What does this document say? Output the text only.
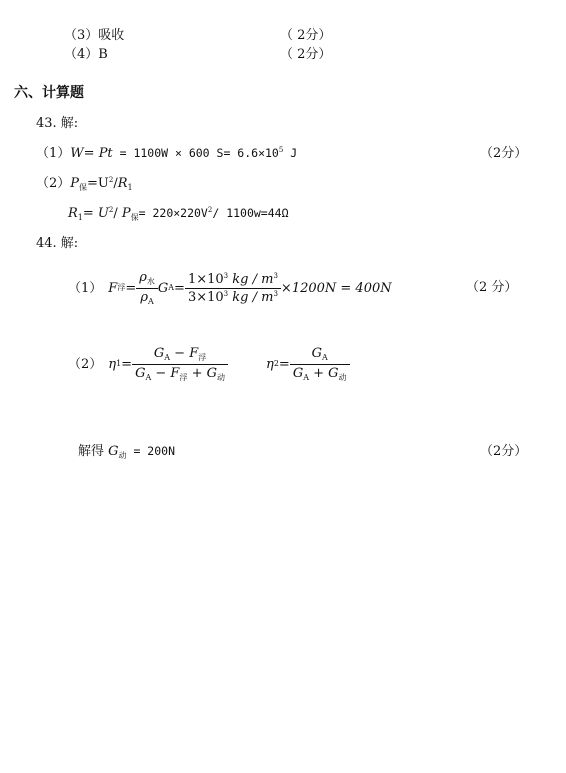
（3）吸收	（ 2分）
（4）B	（ 2分）
六、计算题
43. 解:
（1）W= Pt = 1100W × 600 $S= 6.6\times 10^5$ J	（2分）
$(2)P_保=U^2/R_1$
$R_1= U^2/$ $P_保= 220\times 220V^2/$ 1100w=44Ω
44. 解:
（1） F 浮 = $\frac{\rho_水}{\rho_A}$ G $A = \frac{1\times 10^3 kg / m^3}{3\times 10^3 kg / m^3} \times 1200N = 400N$	（2 分）
（2） η $1 = \frac{G_A - F_浮}{G_A - F_浮 + G_动}$	η $2 = \frac{G_A}{G_A + G_动}$
解得 $G_动 = 200N$	（2分）
